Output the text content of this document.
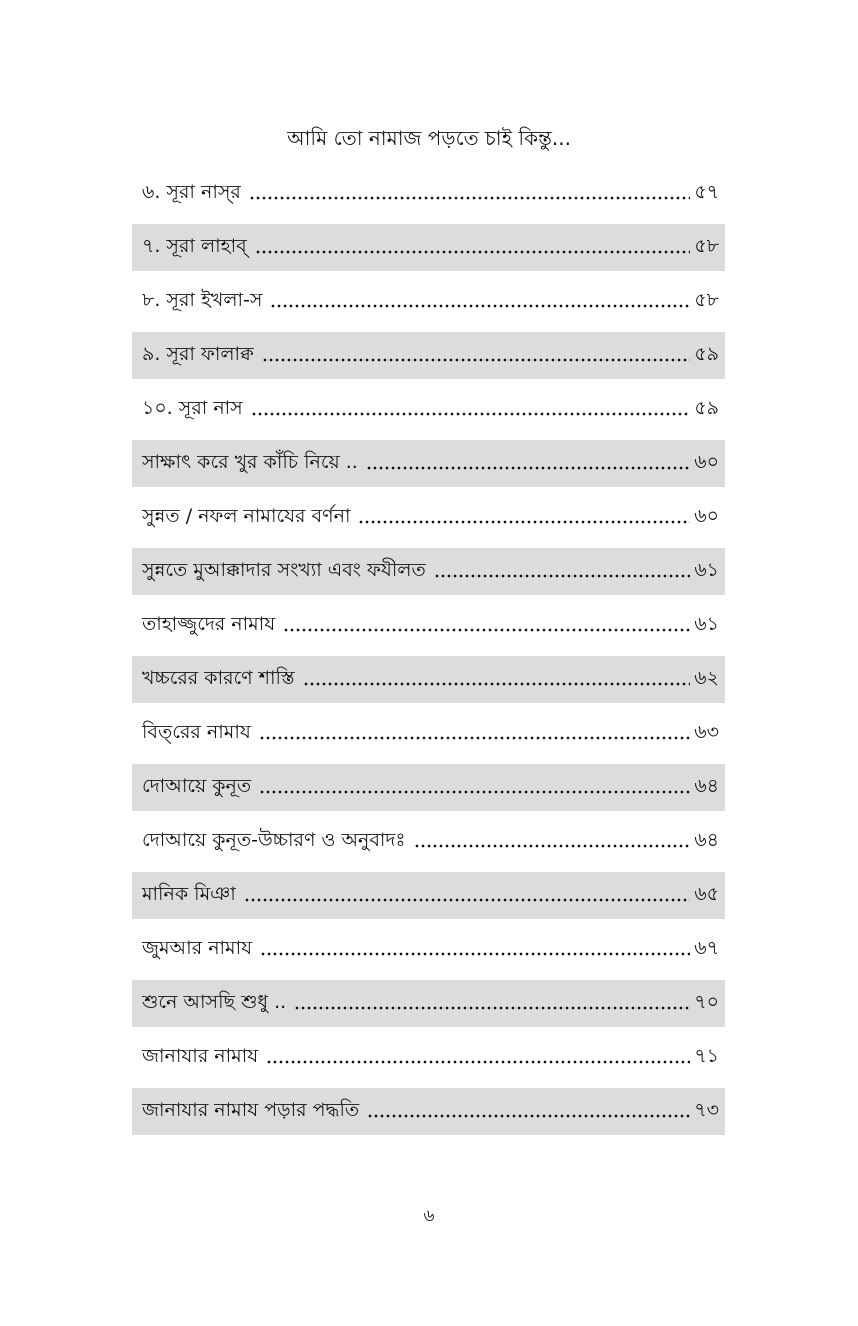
আমি তো নামাজ পড়তে চাই কিন্তু...
৬. সূরা নাস্‌র	৫৭
৭. সূরা লাহাব্	৫৮
৮. সূরা ইখলা-স	৫৮
৯. সূরা ফালাক্ব	৫৯
১০. সূরা নাস	৫৯
সাক্ষাৎ করে খুর কাঁচি নিয়ে ..	৬০
সুন্নত / নফল নামাযের বর্ণনা	৬০
সুন্নতে মুআক্কাদার সংখ্যা এবং ফযীলত	৬১
তাহাজ্জুদের নামায	৬১
খচ্চরের কারণে শাস্তি	৬২
বিত্‌রের নামায	৬৩
দোআয়ে কুনূত	৬৪
দোআয়ে কুনূত-উচ্চারণ ও অনুবাদঃ	৬৪
মানিক মিঞা	৬৫
জুমআর নামায	৬৭
শুনে আসছি শুধু ..	৭০
জানাযার নামায	৭১
জানাযার নামায পড়ার পদ্ধতি	৭৩
৬
